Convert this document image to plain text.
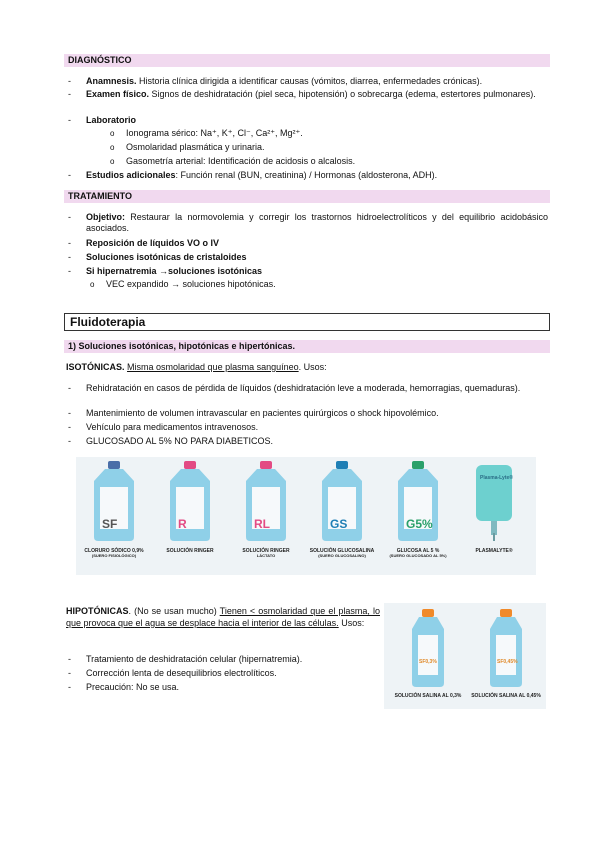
DIAGNÓSTICO
- Anamnesis. Historia clínica dirigida a identificar causas (vómitos, diarrea, enfermedades crónicas).
- Examen físico. Signos de deshidratación (piel seca, hipotensión) o sobrecarga (edema, estertores pulmonares).
- Laboratorio
o Ionograma sérico: Na⁺, K⁺, Cl⁻, Ca²⁺, Mg²⁺.
o Osmolaridad plasmática y urinaria.
o Gasometría arterial: Identificación de acidosis o alcalosis.
- Estudios adicionales: Función renal (BUN, creatinina) / Hormonas (aldosterona, ADH).
TRATAMIENTO
- Objetivo: Restaurar la normovolemia y corregir los trastornos hidroelectrolíticos y del equilibrio acidobásico asociados.
- Reposición de líquidos VO o IV
- Soluciones isotónicas de cristaloides
- Si hipernatremia →soluciones isotónicas
o VEC expandido → soluciones hipotónicas.
Fluidoterapia
1) Soluciones isotónicas, hipotónicas e hipertónicas.
ISOTÓNICAS. Misma osmolaridad que plasma sanguíneo. Usos:
- Rehidratación en casos de pérdida de líquidos (deshidratación leve a moderada, hemorragias, quemaduras).
- Mantenimiento de volumen intravascular en pacientes quirúrgicos o shock hipovolémico.
- Vehículo para medicamentos intravenosos.
- GLUCOSADO AL 5% NO PARA DIABETICOS.
SF
CLORURO SÓDICO 0,9%
(SUERO FISIOLÓGICO)
R
SOLUCIÓN RINGER
RL
SOLUCIÓN RINGER
LÁCTATO
GS
SOLUCIÓN GLUCOSALINA
(SUERO GLUCOSALINO)
G5%
GLUCOSA AL 5 %
(SUERO GLUCOSADO AL 5%)
Plasma-Lyte®
PLASMALYTE®
HIPOTÓNICAS. (No se usan mucho) Tienen < osmolaridad que el plasma, lo que provoca que el agua se desplace hacia el interior de las células. Usos:
- Tratamiento de deshidratación celular (hipernatremia).
- Corrección lenta de desequilibrios electrolíticos.
- Precaución: No se usa.
SF0,3%
SOLUCIÓN SALINA AL 0,3%
SF0,45%
SOLUCIÓN SALINA AL 0,45%
